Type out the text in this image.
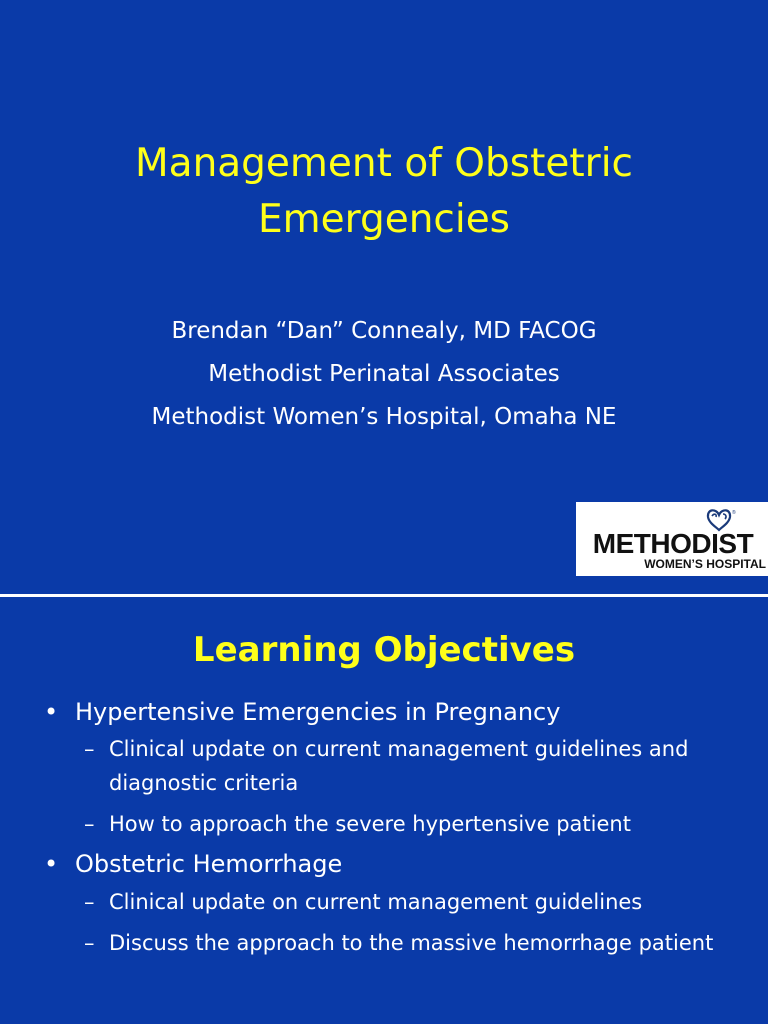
Management of Obstetric
Emergencies
Brendan “Dan” Connealy, MD FACOG
Methodist Perinatal Associates
Methodist Women’s Hospital, Omaha NE
®
METHODIST
WOMEN’S HOSPITAL
Learning Objectives
• Hypertensive Emergencies in Pregnancy
– Clinical update on current management guidelines and diagnostic criteria
– How to approach the severe hypertensive patient
• Obstetric Hemorrhage
– Clinical update on current management guidelines
– Discuss the approach to the massive hemorrhage patient
